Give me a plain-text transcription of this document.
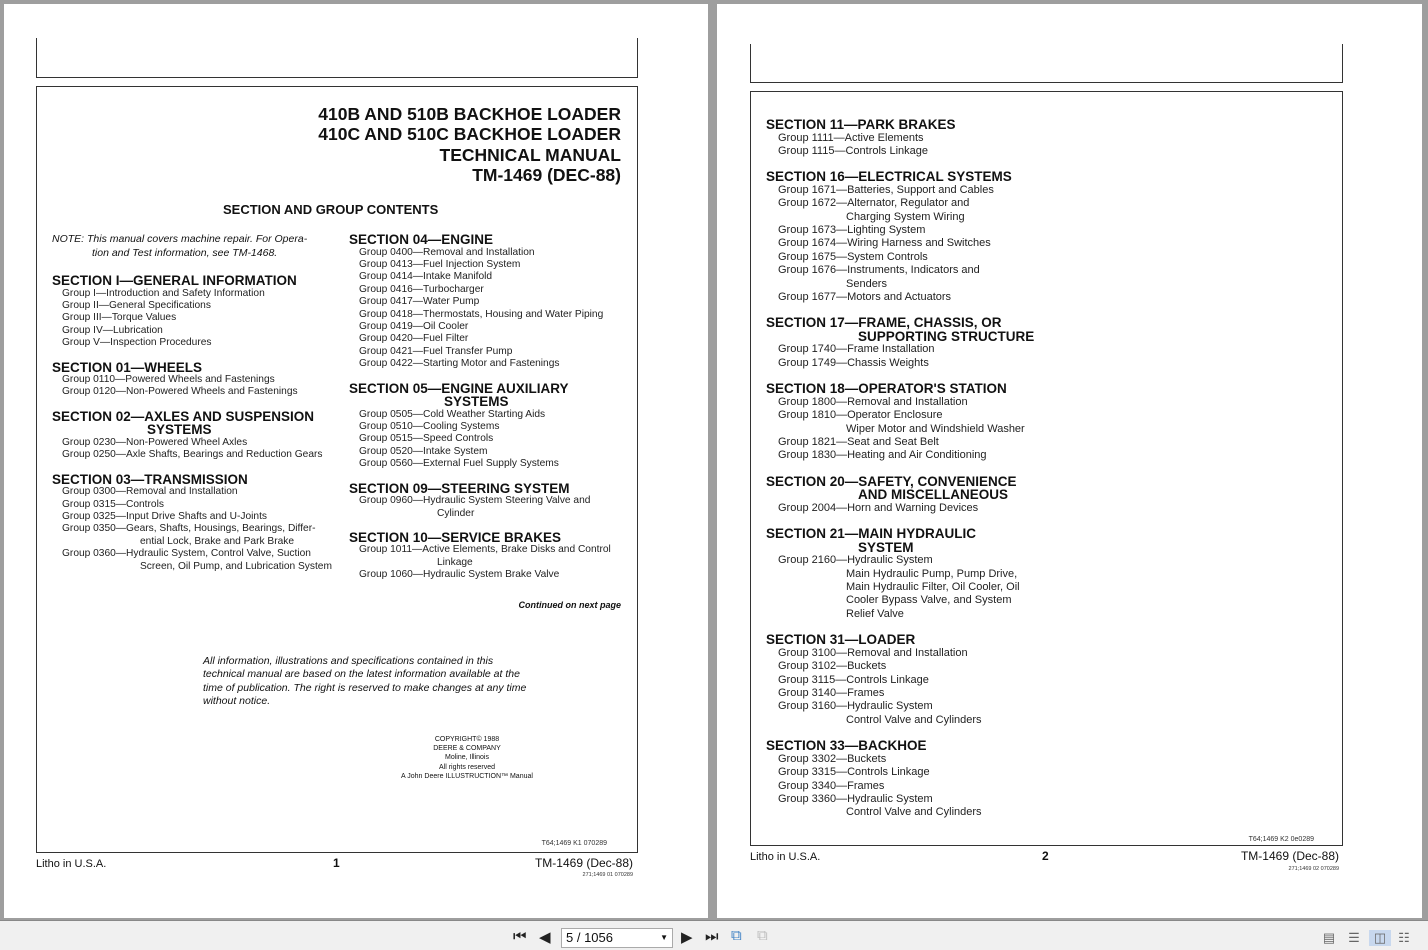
410B AND 510B BACKHOE LOADER
410C AND 510C BACKHOE LOADER
TECHNICAL MANUAL
TM-1469 (DEC-88)
SECTION AND GROUP CONTENTS
NOTE: This manual covers machine repair. For Opera-
tion and Test information, see TM-1468.
SECTION I—GENERAL INFORMATION
Group I—Introduction and Safety Information
Group II—General Specifications
Group III—Torque Values
Group IV—Lubrication
Group V—Inspection Procedures
SECTION 01—WHEELS
Group 0110—Powered Wheels and Fastenings
Group 0120—Non-Powered Wheels and Fastenings
SECTION 02—AXLES AND SUSPENSION
SYSTEMS
Group 0230—Non-Powered Wheel Axles
Group 0250—Axle Shafts, Bearings and Reduction Gears
SECTION 03—TRANSMISSION
Group 0300—Removal and Installation
Group 0315—Controls
Group 0325—Input Drive Shafts and U-Joints
Group 0350—Gears, Shafts, Housings, Bearings, Differ-
ential Lock, Brake and Park Brake
Group 0360—Hydraulic System, Control Valve, Suction
Screen, Oil Pump, and Lubrication System
SECTION 04—ENGINE
Group 0400—Removal and Installation
Group 0413—Fuel Injection System
Group 0414—Intake Manifold
Group 0416—Turbocharger
Group 0417—Water Pump
Group 0418—Thermostats, Housing and Water Piping
Group 0419—Oil Cooler
Group 0420—Fuel Filter
Group 0421—Fuel Transfer Pump
Group 0422—Starting Motor and Fastenings
SECTION 05—ENGINE AUXILIARY
SYSTEMS
Group 0505—Cold Weather Starting Aids
Group 0510—Cooling Systems
Group 0515—Speed Controls
Group 0520—Intake System
Group 0560—External Fuel Supply Systems
SECTION 09—STEERING SYSTEM
Group 0960—Hydraulic System Steering Valve and
Cylinder
SECTION 10—SERVICE BRAKES
Group 1011—Active Elements, Brake Disks and Control
Linkage
Group 1060—Hydraulic System Brake Valve
Continued on next page
All information, illustrations and specifications contained in this
technical manual are based on the latest information available at the
time of publication. The right is reserved to make changes at any time
without notice.
COPYRIGHT© 1988
DEERE & COMPANY
Moline, Illinois
All rights reserved
A John Deere ILLUSTRUCTION™ Manual
T64;1469 K1 070289
Litho in U.S.A.	1	TM-1469 (Dec-88)
271;1469 01 070289
SECTION 11—PARK BRAKES
Group 1111—Active Elements
Group 1115—Controls Linkage
SECTION 16—ELECTRICAL SYSTEMS
Group 1671—Batteries, Support and Cables
Group 1672—Alternator, Regulator and
Charging System Wiring
Group 1673—Lighting System
Group 1674—Wiring Harness and Switches
Group 1675—System Controls
Group 1676—Instruments, Indicators and
Senders
Group 1677—Motors and Actuators
SECTION 17—FRAME, CHASSIS, OR
SUPPORTING STRUCTURE
Group 1740—Frame Installation
Group 1749—Chassis Weights
SECTION 18—OPERATOR'S STATION
Group 1800—Removal and Installation
Group 1810—Operator Enclosure
Wiper Motor and Windshield Washer
Group 1821—Seat and Seat Belt
Group 1830—Heating and Air Conditioning
SECTION 20—SAFETY, CONVENIENCE
AND MISCELLANEOUS
Group 2004—Horn and Warning Devices
SECTION 21—MAIN HYDRAULIC
SYSTEM
Group 2160—Hydraulic System
Main Hydraulic Pump, Pump Drive,
Main Hydraulic Filter, Oil Cooler, Oil
Cooler Bypass Valve, and System
Relief Valve
SECTION 31—LOADER
Group 3100—Removal and Installation
Group 3102—Buckets
Group 3115—Controls Linkage
Group 3140—Frames
Group 3160—Hydraulic System
Control Valve and Cylinders
SECTION 33—BACKHOE
Group 3302—Buckets
Group 3315—Controls Linkage
Group 3340—Frames
Group 3360—Hydraulic System
Control Valve and Cylinders
T64;1469 K2 0e0289
Litho in U.S.A.	2	TM-1469 (Dec-88)
271;1469 02 070289
⏮ ◀	5 / 1056	▼ ▶ ⏭ ⧉ ⧉	▤ ☰	◫ ☷
